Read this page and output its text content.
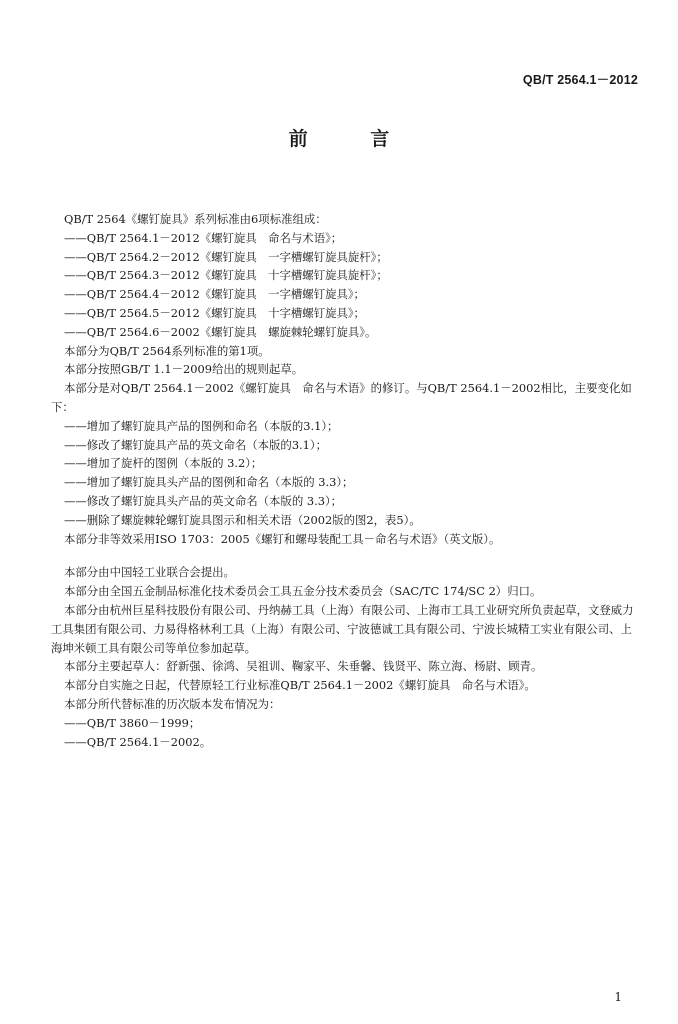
QB/T 2564.1－2012
前 言

QB/T 2564《螺钉旋具》系列标准由6项标准组成：

——QB/T 2564.1－2012《螺钉旋具　命名与术语》；

——QB/T 2564.2－2012《螺钉旋具　一字槽螺钉旋具旋杆》；

——QB/T 2564.3－2012《螺钉旋具　十字槽螺钉旋具旋杆》；

——QB/T 2564.4－2012《螺钉旋具　一字槽螺钉旋具》；

——QB/T 2564.5－2012《螺钉旋具　十字槽螺钉旋具》；

——QB/T 2564.6－2002《螺钉旋具　螺旋棘轮螺钉旋具》。

本部分为QB/T 2564系列标准的第1项。

本部分按照GB/T 1.1－2009给出的规则起草。

本部分是对QB/T 2564.1－2002《螺钉旋具　命名与术语》的修订。与QB/T 2564.1－2002相比，主要变化如下：

——增加了螺钉旋具产品的图例和命名（本版的3.1）；

——修改了螺钉旋具产品的英文命名（本版的3.1）；

——增加了旋杆的图例（本版的 3.2）；

——增加了螺钉旋具头产品的图例和命名（本版的 3.3）；

——修改了螺钉旋具头产品的英文命名（本版的 3.3）；

——删除了螺旋棘轮螺钉旋具图示和相关术语（2002版的图2，表5）。

本部分非等效采用ISO 1703：2005《螺钉和螺母装配工具－命名与术语》（英文版）。

本部分由中国轻工业联合会提出。

本部分由全国五金制品标准化技术委员会工具五金分技术委员会（SAC/TC 174/SC 2）归口。

本部分由杭州巨星科技股份有限公司、丹纳赫工具（上海）有限公司、上海市工具工业研究所负责起草，文登威力工具集团有限公司、力易得格林利工具（上海）有限公司、宁波德诚工具有限公司、宁波长城精工实业有限公司、上海坤米顿工具有限公司等单位参加起草。

本部分主要起草人：舒新强、徐鸿、吴祖训、鞠家平、朱垂馨、钱贤平、陈立海、杨尉、顾青。

本部分自实施之日起，代替原轻工行业标准QB/T 2564.1－2002《螺钉旋具　命名与术语》。

本部分所代替标准的历次版本发布情况为：

——QB/T 3860－1999；

——QB/T 2564.1－2002。

1
